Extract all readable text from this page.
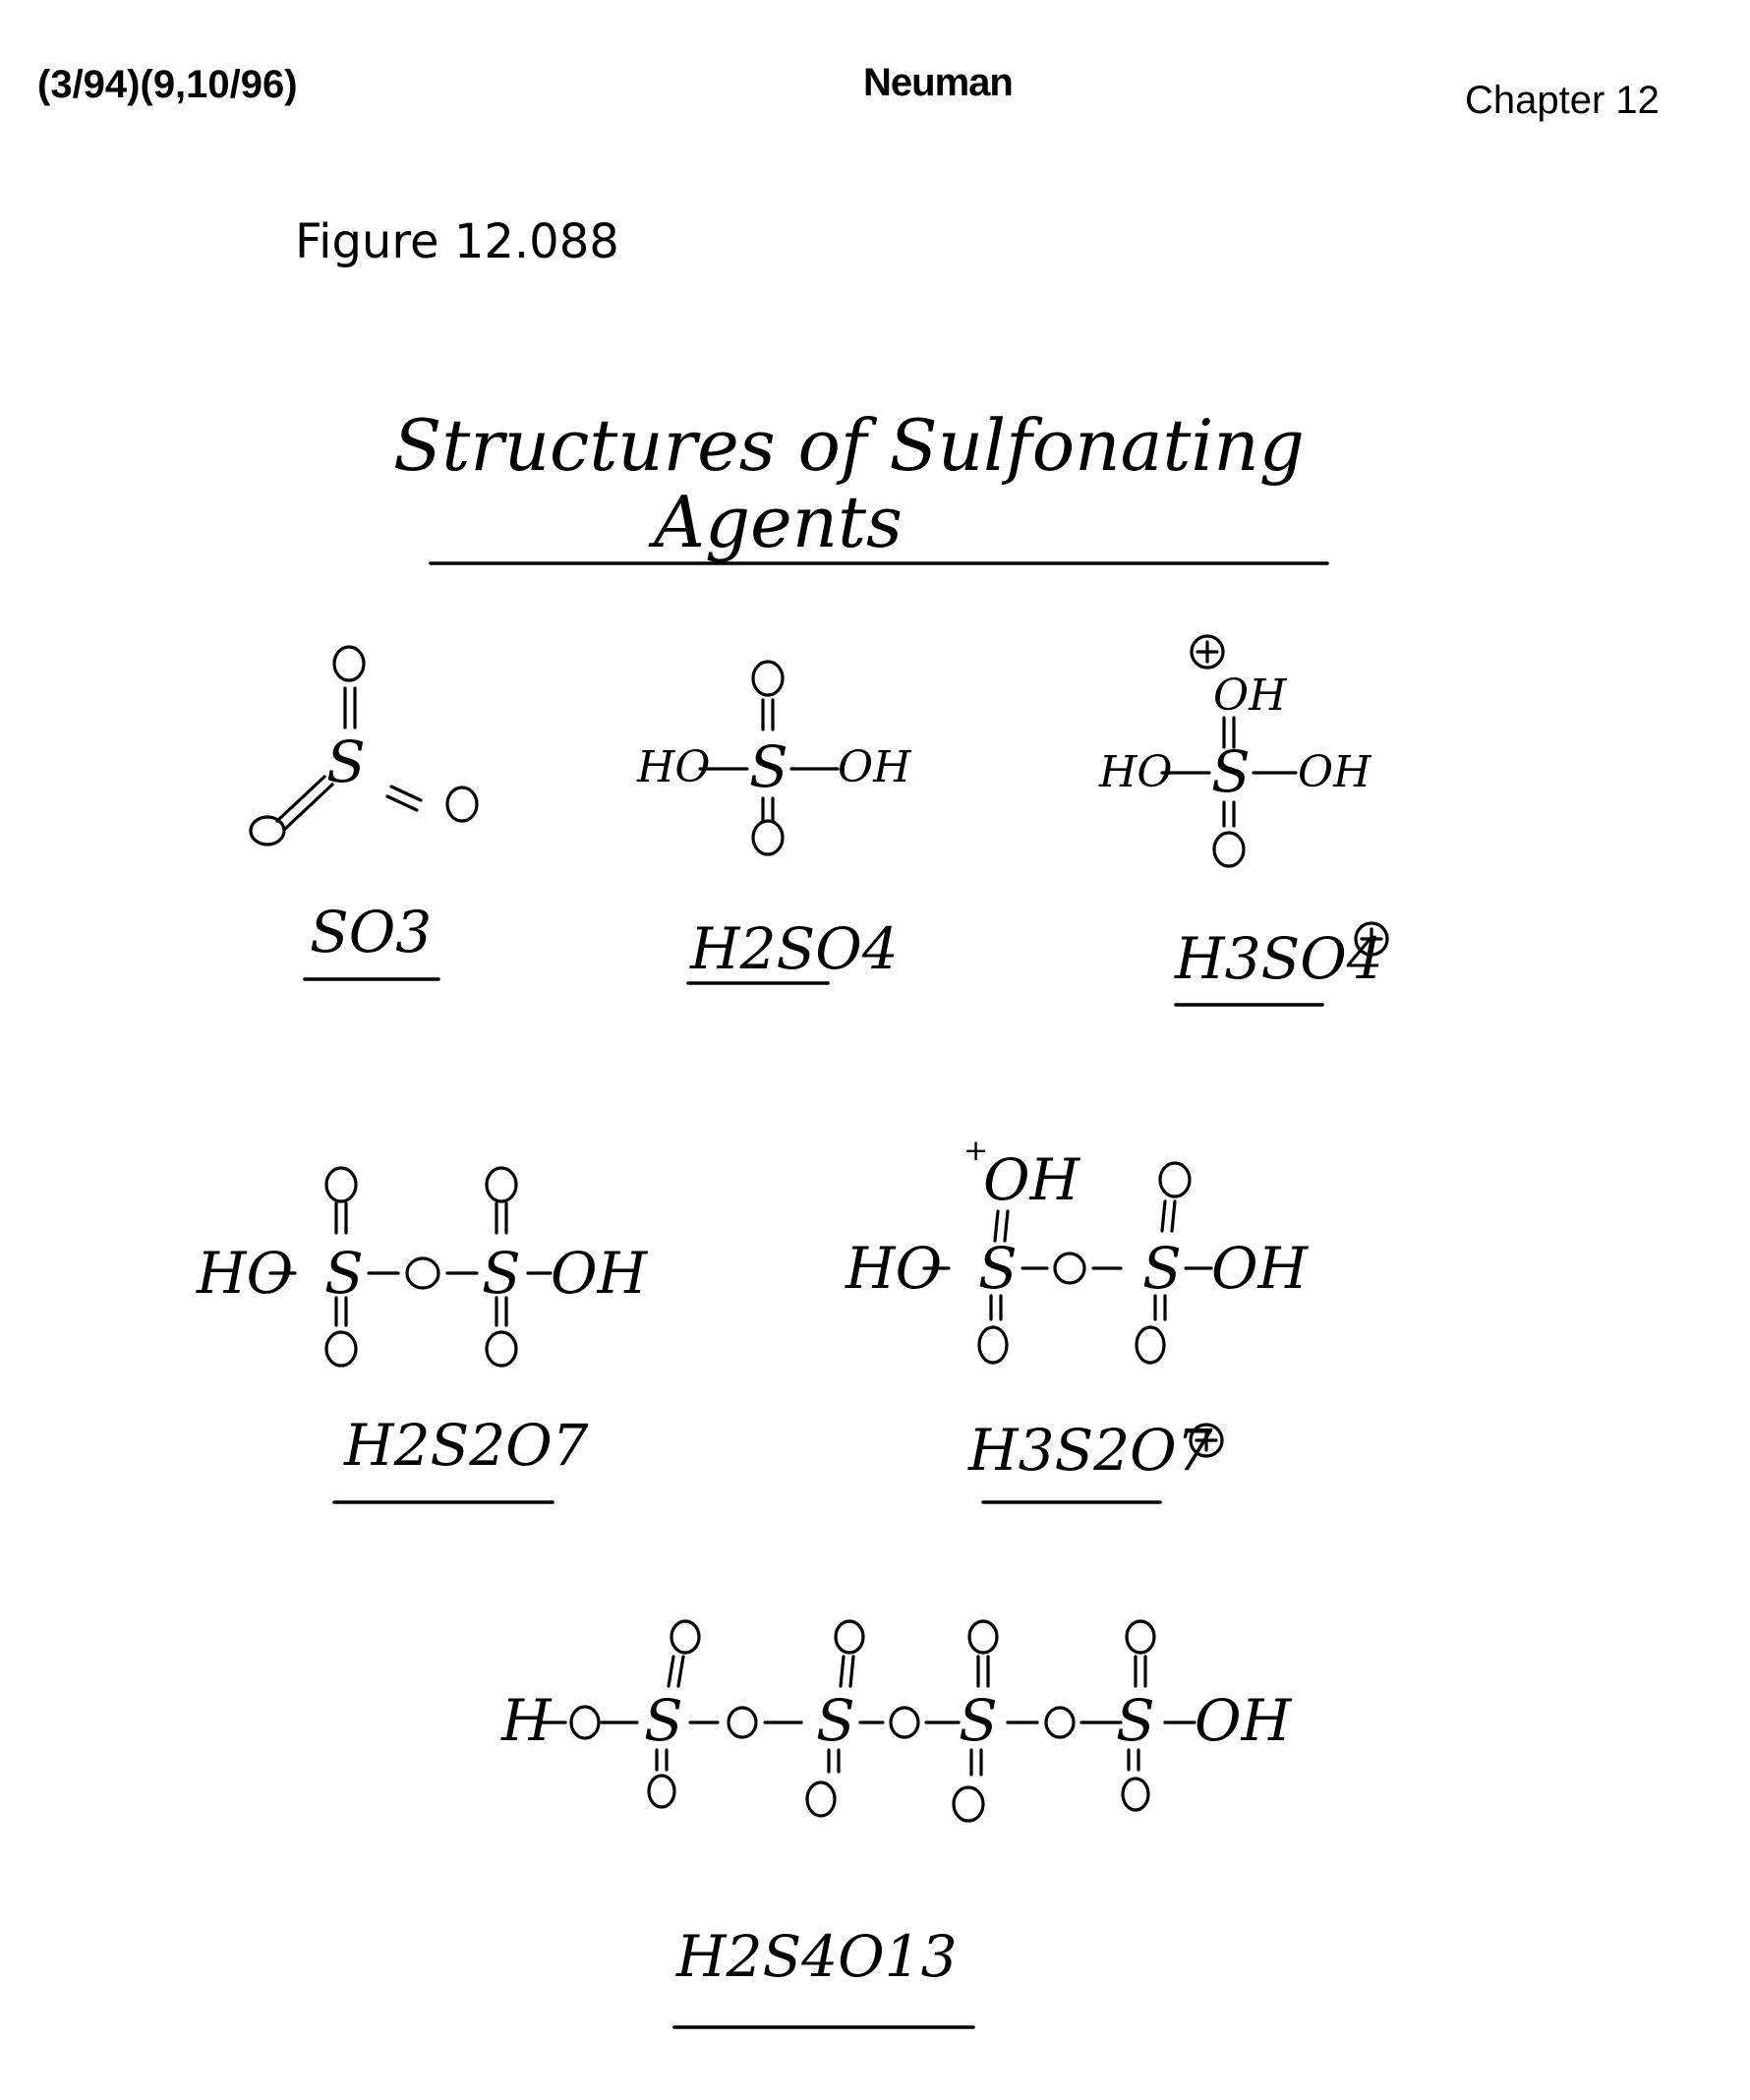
(3/94)(9,10/96)	Neuman	Chapter 12
Figure 12.088
Structures of Sulfonating
Agents
S
SO3
HO S OH
H2SO4
OH
HO S OH
H3SO4
HO S S OH
H2S2O7
+
OH
HO S S OH
H3S2O7
H S S S S OH
H2S4O13
